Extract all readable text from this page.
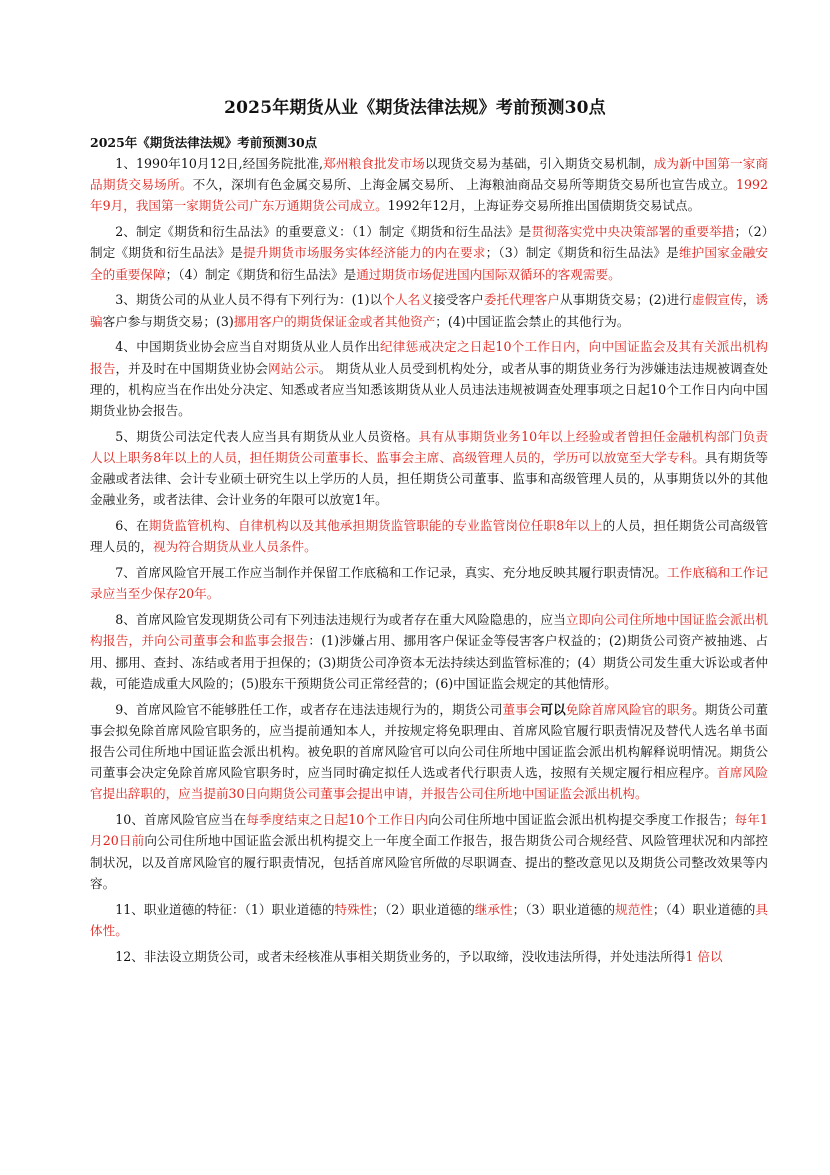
2025年期货从业《期货法律法规》考前预测30点
2025年《期货法律法规》考前预测30点

1、1990年10月12日,经国务院批准,郑州粮食批发市场以现货交易为基础，引入期货交易机制，成为新中国第一家商品期货交易场所。不久，深圳有色金属交易所、上海金属交易所、 上海粮油商品交易所等期货交易所也宣告成立。1992年9月，我国第一家期货公司广东万通期货公司成立。1992年12月，上海证券交易所推出国债期货交易试点。

2、制定《期货和衍生品法》的重要意义：（1）制定《期货和衍生品法》是贯彻落实党中央决策部署的重要举措；（2）制定《期货和衍生品法》是提升期货市场服务实体经济能力的内在要求；（3）制定《期货和衍生品法》是维护国家金融安全的重要保障；（4）制定《期货和衍生品法》是通过期货市场促进国内国际双循环的客观需要。

3、期货公司的从业人员不得有下列行为：(1)以个人名义接受客户委托代理客户从事期货交易；(2)进行虚假宣传，诱骗客户参与期货交易；(3)挪用客户的期货保证金或者其他资产；(4)中国证监会禁止的其他行为。

4、中国期货业协会应当自对期货从业人员作出纪律惩戒决定之日起10个工作日内，向中国证监会及其有关派出机构报告，并及时在中国期货业协会网站公示。 期货从业人员受到机构处分，或者从事的期货业务行为涉嫌违法违规被调查处理的，机构应当在作出处分决定、知悉或者应当知悉该期货从业人员违法违规被调查处理事项之日起10个工作日内向中国期货业协会报告。

5、期货公司法定代表人应当具有期货从业人员资格。具有从事期货业务10年以上经验或者曾担任金融机构部门负责人以上职务8年以上的人员，担任期货公司董事长、监事会主席、高级管理人员的，学历可以放宽至大学专科。具有期货等金融或者法律、会计专业硕士研究生以上学历的人员，担任期货公司董事、监事和高级管理人员的，从事期货以外的其他金融业务，或者法律、会计业务的年限可以放宽1年。

6、在期货监管机构、自律机构以及其他承担期货监管职能的专业监管岗位任职8年以上的人员，担任期货公司高级管理人员的，视为符合期货从业人员条件。

7、首席风险官开展工作应当制作并保留工作底稿和工作记录，真实、充分地反映其履行职责情况。工作底稿和工作记录应当至少保存20年。

8、首席风险官发现期货公司有下列违法违规行为或者存在重大风险隐患的，应当立即向公司住所地中国证监会派出机构报告，并向公司董事会和监事会报告：(1)涉嫌占用、挪用客户保证金等侵害客户权益的；(2)期货公司资产被抽逃、占用、挪用、查封、冻结或者用于担保的；(3)期货公司净资本无法持续达到监管标准的；(4）期货公司发生重大诉讼或者仲裁，可能造成重大风险的；(5)股东干预期货公司正常经营的；(6)中国证监会规定的其他情形。

9、首席风险官不能够胜任工作，或者存在违法违规行为的，期货公司董事会可以免除首席风险官的职务。期货公司董事会拟免除首席风险官职务的，应当提前通知本人，并按规定将免职理由、首席风险官履行职责情况及替代人选名单书面报告公司住所地中国证监会派出机构。被免职的首席风险官可以向公司住所地中国证监会派出机构解释说明情况。期货公司董事会决定免除首席风险官职务时，应当同时确定拟任人选或者代行职责人选，按照有关规定履行相应程序。首席风险官提出辞职的，应当提前30日向期货公司董事会提出申请，并报告公司住所地中国证监会派出机构。

10、首席风险官应当在每季度结束之日起10个工作日内向公司住所地中国证监会派出机构提交季度工作报告；每年1月20日前向公司住所地中国证监会派出机构提交上一年度全面工作报告，报告期货公司合规经营、风险管理状况和内部控制状况，以及首席风险官的履行职责情况，包括首席风险官所做的尽职调查、提出的整改意见以及期货公司整改效果等内容。

11、职业道德的特征：（1）职业道德的特殊性；（2）职业道德的继承性；（3）职业道德的规范性；（4）职业道德的具体性。

12、非法设立期货公司，或者未经核准从事相关期货业务的，予以取缔，没收违法所得，并处违法所得1 倍以
